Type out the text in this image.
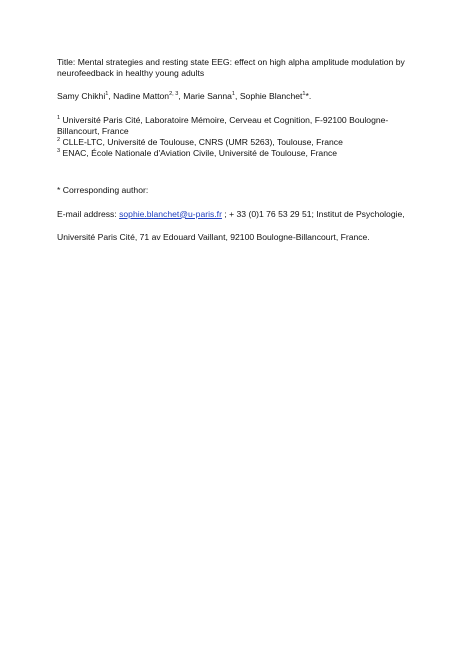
Title: Mental strategies and resting state EEG: effect on high alpha amplitude modulation by neurofeedback in healthy young adults

Samy Chikhi$^1$, Nadine Matton$^{2, 3}$, Marie Sanna$^1$, Sophie Blanchet$^1$*.

$^1$ Université Paris Cité, Laboratoire Mémoire, Cerveau et Cognition, F-92100 Boulogne-Billancourt, France

$^2$ CLLE-LTC, Université de Toulouse, CNRS (UMR 5263), Toulouse, France

$^3$ ENAC, École Nationale d'Aviation Civile, Université de Toulouse, France

* Corresponding author:

E-mail address: sophie.blanchet@u-paris.fr ; + 33 (0)1 76 53 29 51; Institut de Psychologie,

Université Paris Cité, 71 av Edouard Vaillant, 92100 Boulogne-Billancourt, France.
